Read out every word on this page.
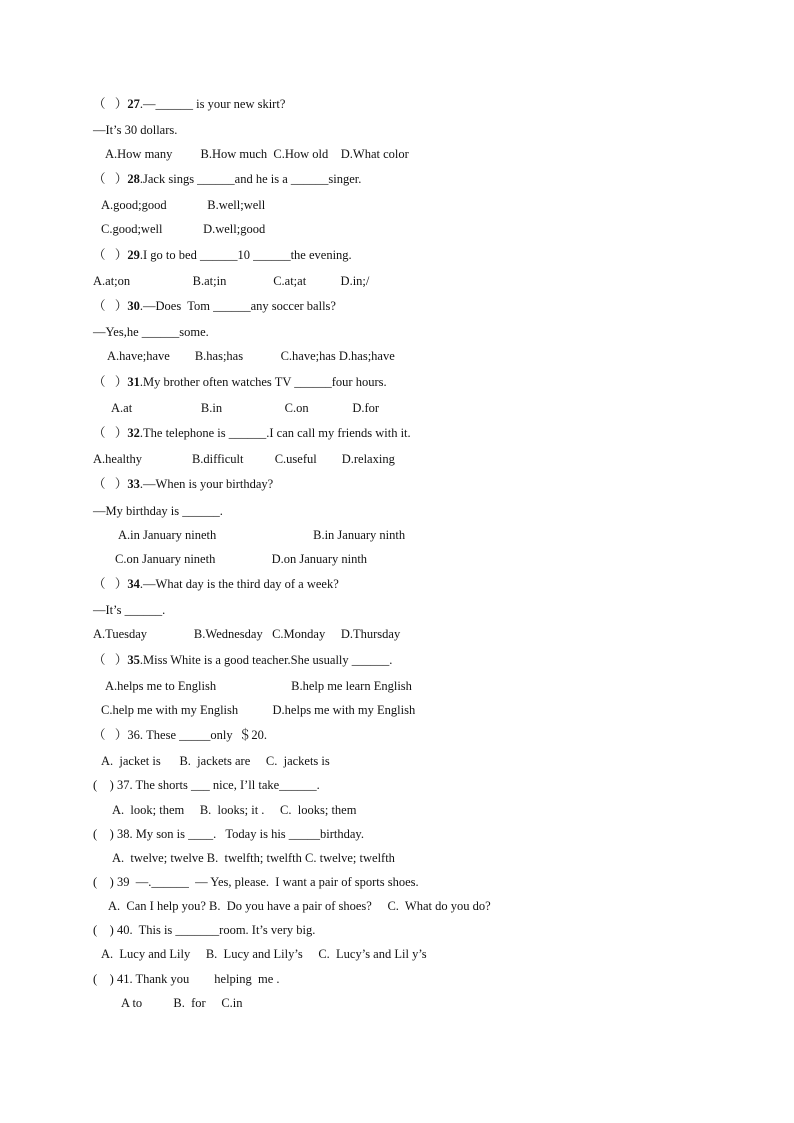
（   ）27.—______ is your new skirt?
—It’s 30 dollars.
A.How many         B.How much  C.How old    D.What color
（   ）28.Jack sings ______and he is a ______singer.
A.good;good             B.well;well
C.good;well             D.well;good
（   ）29.I go to bed ______10 ______the evening.
A.at;on                    B.at;in               C.at;at           D.in;/
（   ）30.—Does  Tom ______any soccer balls?
—Yes,he ______some.
A.have;have        B.has;has            C.have;has D.has;have
（   ）31.My brother often watches TV ______four hours.
A.at                      B.in                    C.on              D.for
（   ）32.The telephone is ______.I can call my friends with it.
A.healthy                B.difficult          C.useful        D.relaxing
（   ）33.—When is your birthday?
—My birthday is ______.
A.in January nineth                               B.in January ninth
C.on January nineth                  D.on January ninth
（   ）34.—What day is the third day of a week?
—It’s ______.
A.Tuesday               B.Wednesday   C.Monday     D.Thursday
（   ）35.Miss White is a good teacher.She usually ______.
A.helps me to English                        B.help me learn English
C.help me with my English           D.helps me with my English
（   ）36. These _____only  ＄20.
A.  jacket is      B.  jackets are     C.  jackets is
(    ) 37. The shorts ___ nice, I’ll take______.
A.  look; them     B.  looks; it .     C.  looks; them
(    ) 38. My son is ____.   Today is his _____birthday.
A.  twelve; twelve B.  twelfth; twelfth C. twelve; twelfth
(    ) 39  —.______  — Yes, please.  I want a pair of sports shoes.
A.  Can I help you? B.  Do you have a pair of shoes?     C.  What do you do?
(    ) 40.  This is _______room. It’s very big.
A.  Lucy and Lily     B.  Lucy and Lily’s     C.  Lucy’s and Lil y’s
(    ) 41. Thank you        helping  me .
A to          B.  for     C.in
